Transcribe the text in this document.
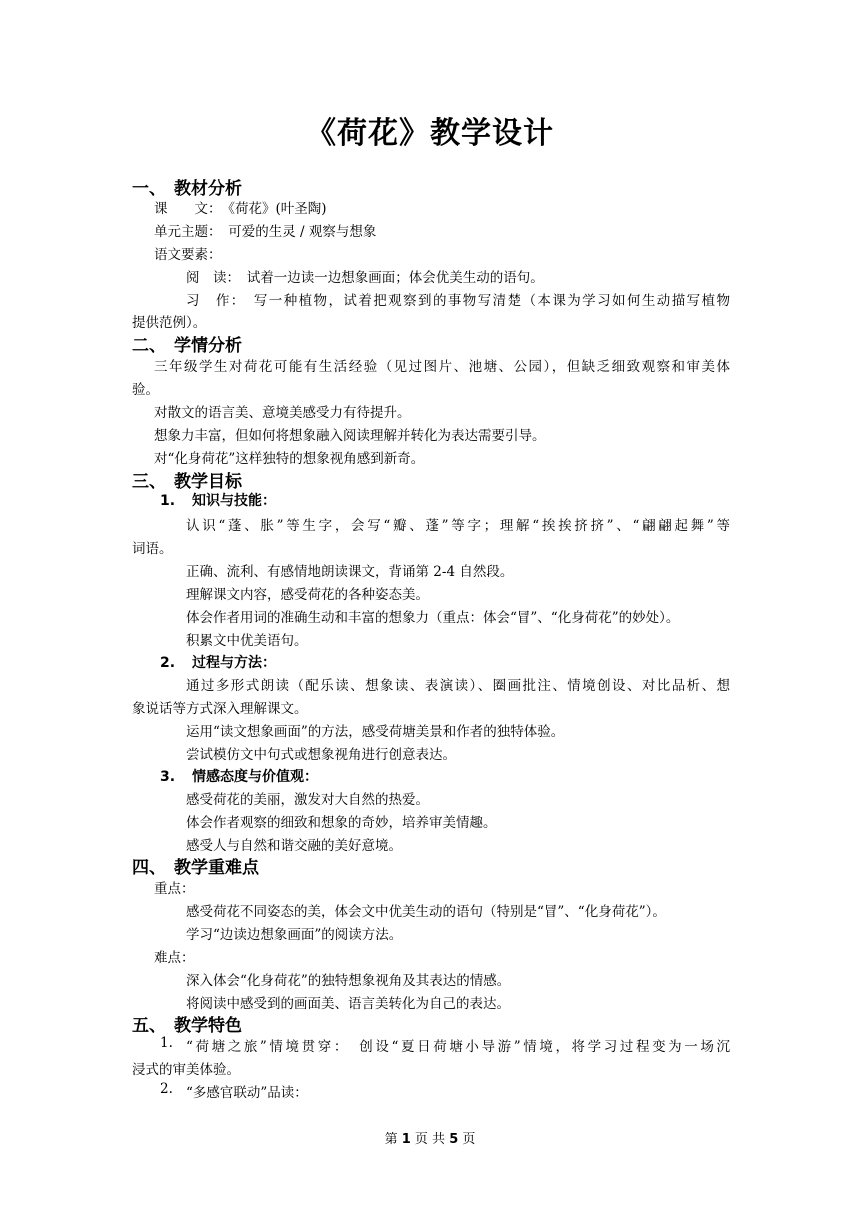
《荷花》教学设计
一、 教材分析
课　　文：　《荷花》(叶圣陶)
单元主题：　可爱的生灵 / 观察与想象
语文要素：
阅　读：　试着一边读一边想象画面；体会优美生动的语句。
习　作：　写一种植物，试着把观察到的事物写清楚（本课为学习如何生动描写植物
提供范例）。
二、 学情分析
三年级学生对荷花可能有生活经验（见过图片、池塘、公园），但缺乏细致观察和审美体
验。
对散文的语言美、意境美感受力有待提升。
想象力丰富，但如何将想象融入阅读理解并转化为表达需要引导。
对“化身荷花”这样独特的想象视角感到新奇。
三、 教学目标
1. 知识与技能：
认识“蓬、胀”等生字，会写“瓣、蓬”等字；理解“挨挨挤挤”、“翩翩起舞”等
词语。
正确、流利、有感情地朗读课文，背诵第 2-4 自然段。
理解课文内容，感受荷花的各种姿态美。
体会作者用词的准确生动和丰富的想象力（重点：体会“冒”、“化身荷花”的妙处）。
积累文中优美语句。
2. 过程与方法：
通过多形式朗读（配乐读、想象读、表演读）、圈画批注、情境创设、对比品析、想
象说话等方式深入理解课文。
运用“读文想象画面”的方法，感受荷塘美景和作者的独特体验。
尝试模仿文中句式或想象视角进行创意表达。
3. 情感态度与价值观：
感受荷花的美丽，激发对大自然的热爱。
体会作者观察的细致和想象的奇妙，培养审美情趣。
感受人与自然和谐交融的美好意境。
四、 教学重难点
重点：
感受荷花不同姿态的美，体会文中优美生动的语句（特别是“冒”、“化身荷花”）。
学习“边读边想象画面”的阅读方法。
难点：
深入体会“化身荷花”的独特想象视角及其表达的情感。
将阅读中感受到的画面美、语言美转化为自己的表达。
五、 教学特色
1. “荷塘之旅”情境贯穿：　创设“夏日荷塘小导游”情境，将学习过程变为一场沉
浸式的审美体验。
2. “多感官联动”品读：
第 1 页 共 5 页
